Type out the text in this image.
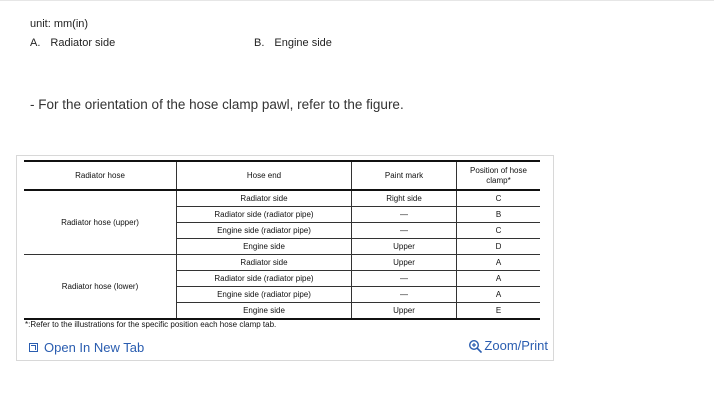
unit: mm(in)
A. Radiator side	B. Engine side
- For the orientation of the hose clamp pawl, refer to the figure.
Radiator hose	Hose end	Paint mark	Position of hose clamp*
Radiator hose (upper)	Radiator side	Right side	C
	Radiator side (radiator pipe)	—	B
	Engine side (radiator pipe)	—	C
	Engine side	Upper	D
Radiator hose (lower)	Radiator side	Upper	A
	Radiator side (radiator pipe)	—	A
	Engine side (radiator pipe)	—	A
	Engine side	Upper	E
*:Refer to the illustrations for the specific position each hose clamp tab.
Open In New Tab	Zoom/Print
